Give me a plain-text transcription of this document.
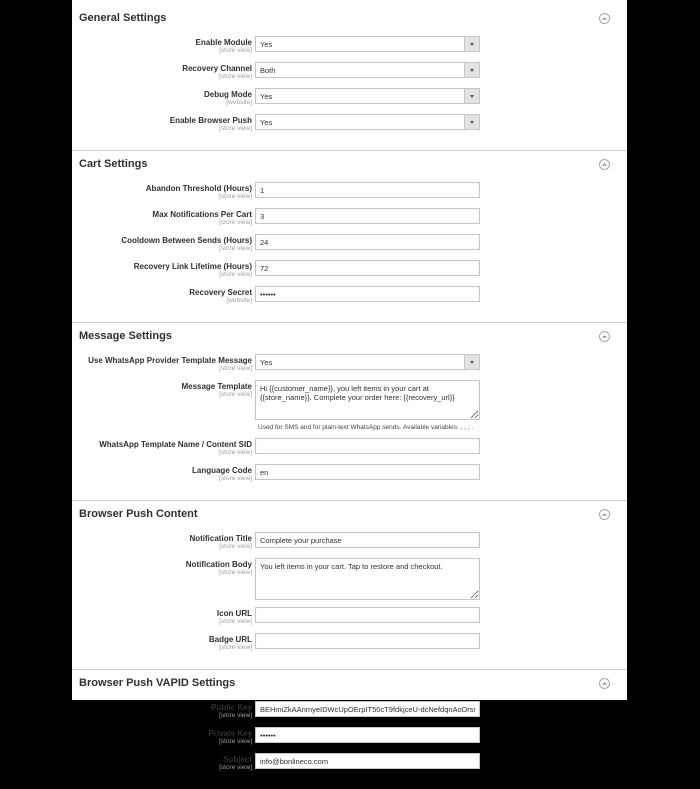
General Settings
Enable Module
[store view]
Yes
Recovery Channel
[store view]
Both
Debug Mode
[website]
Yes
Enable Browser Push
[store view]
Yes
Cart Settings
Abandon Threshold (Hours)
[store view]
1
Max Notifications Per Cart
[store view]
3
Cooldown Between Sends (Hours)
[store view]
24
Recovery Link Lifetime (Hours)
[store view]
72
Recovery Secret
[website]
••••••
Message Settings
Use WhatsApp Provider Template Message
[store view]
Yes
Message Template
[store view]
Hi {{customer_name}}, you left items in your cart at {{store_name}}. Complete your order here: {{recovery_url}}
Used for SMS and for plain-text WhatsApp sends. Available variables: , , , .
WhatsApp Template Name / Content SID
[store view]
Language Code
[store view]
en
Browser Push Content
Notification Title
[store view]
Complete your purchase
Notification Body
[store view]
You left items in your cart. Tap to restore and checkout.
Icon URL
[store view]
Badge URL
[store view]
Browser Push VAPID Settings
Public Key
[store view]
BEHmiZkAAnmyeIDWcUpOErpIT50cT9fdkjceU-dcNefdqnAoDrsmk07B74LaHcsMod
Private Key
[store view]
••••••
Subject
[store view]
info@bonlineco.com
